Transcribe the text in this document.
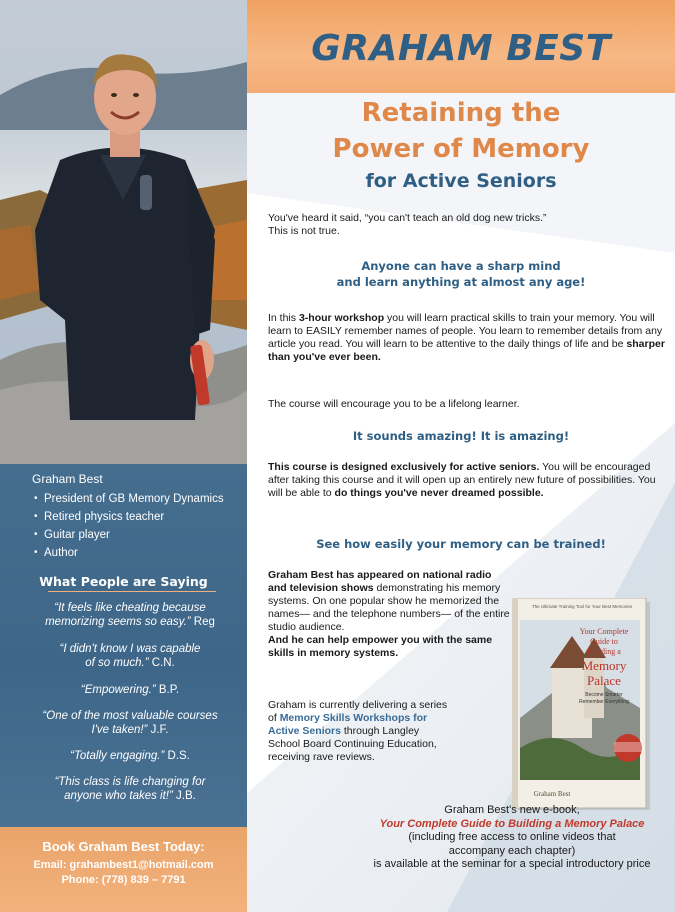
Graham Best
• President of GB Memory Dynamics
• Retired physics teacher
• Guitar player
• Author
What People are Saying
“It feels like cheating because
memorizing seems so easy.” Reg
“I didn't know I was capable
of so much.” C.N.
“Empowering.” B.P.
“One of the most valuable courses
I've taken!” J.F.
“Totally engaging.” D.S.
“This class is life changing for
anyone who takes it!” J.B.
Book Graham Best Today:
Email: grahambest1@hotmail.com
Phone: (778) 839 – 7791
GRAHAM BEST
Retaining the
Power of Memory
for Active Seniors
You've heard it said, “you can't teach an old dog new tricks.”
This is not true.
Anyone can have a sharp mind
and learn anything at almost any age!

In this 3-hour workshop you will learn practical skills to train your memory. You will learn to EASILY remember names of people. You learn to remember details from any article you read. You will learn to be attentive to the daily things of life and be sharper than you've ever been.

The course will encourage you to be a lifelong learner.

It sounds amazing! It is amazing!

This course is designed exclusively for active seniors. You will be encouraged after taking this course and it will open up an entirely new future of possibilities. You will be able to do things you've never dreamed possible.

See how easily your memory can be trained!

Graham Best has appeared on national radio and television shows demonstrating his memory systems. On one popular show he memorized the names— and the telephone numbers— of the entire studio audience.
And he can help empower you with the same skills in memory systems.

Graham is currently delivering a series of Memory Skills Workshops for Active Seniors through Langley School Board Continuing Education, receiving rave reviews.

The Ultimate Training Tool for Your Best Memories
Your Complete
Guide to
Building a
Memory
Palace
Become Smarter
Remember Everything
Graham Best
Graham Best's new e-book,
Your Complete Guide to Building a Memory Palace
(including free access to online videos that
accompany each chapter)
is available at the seminar for a special introductory price
